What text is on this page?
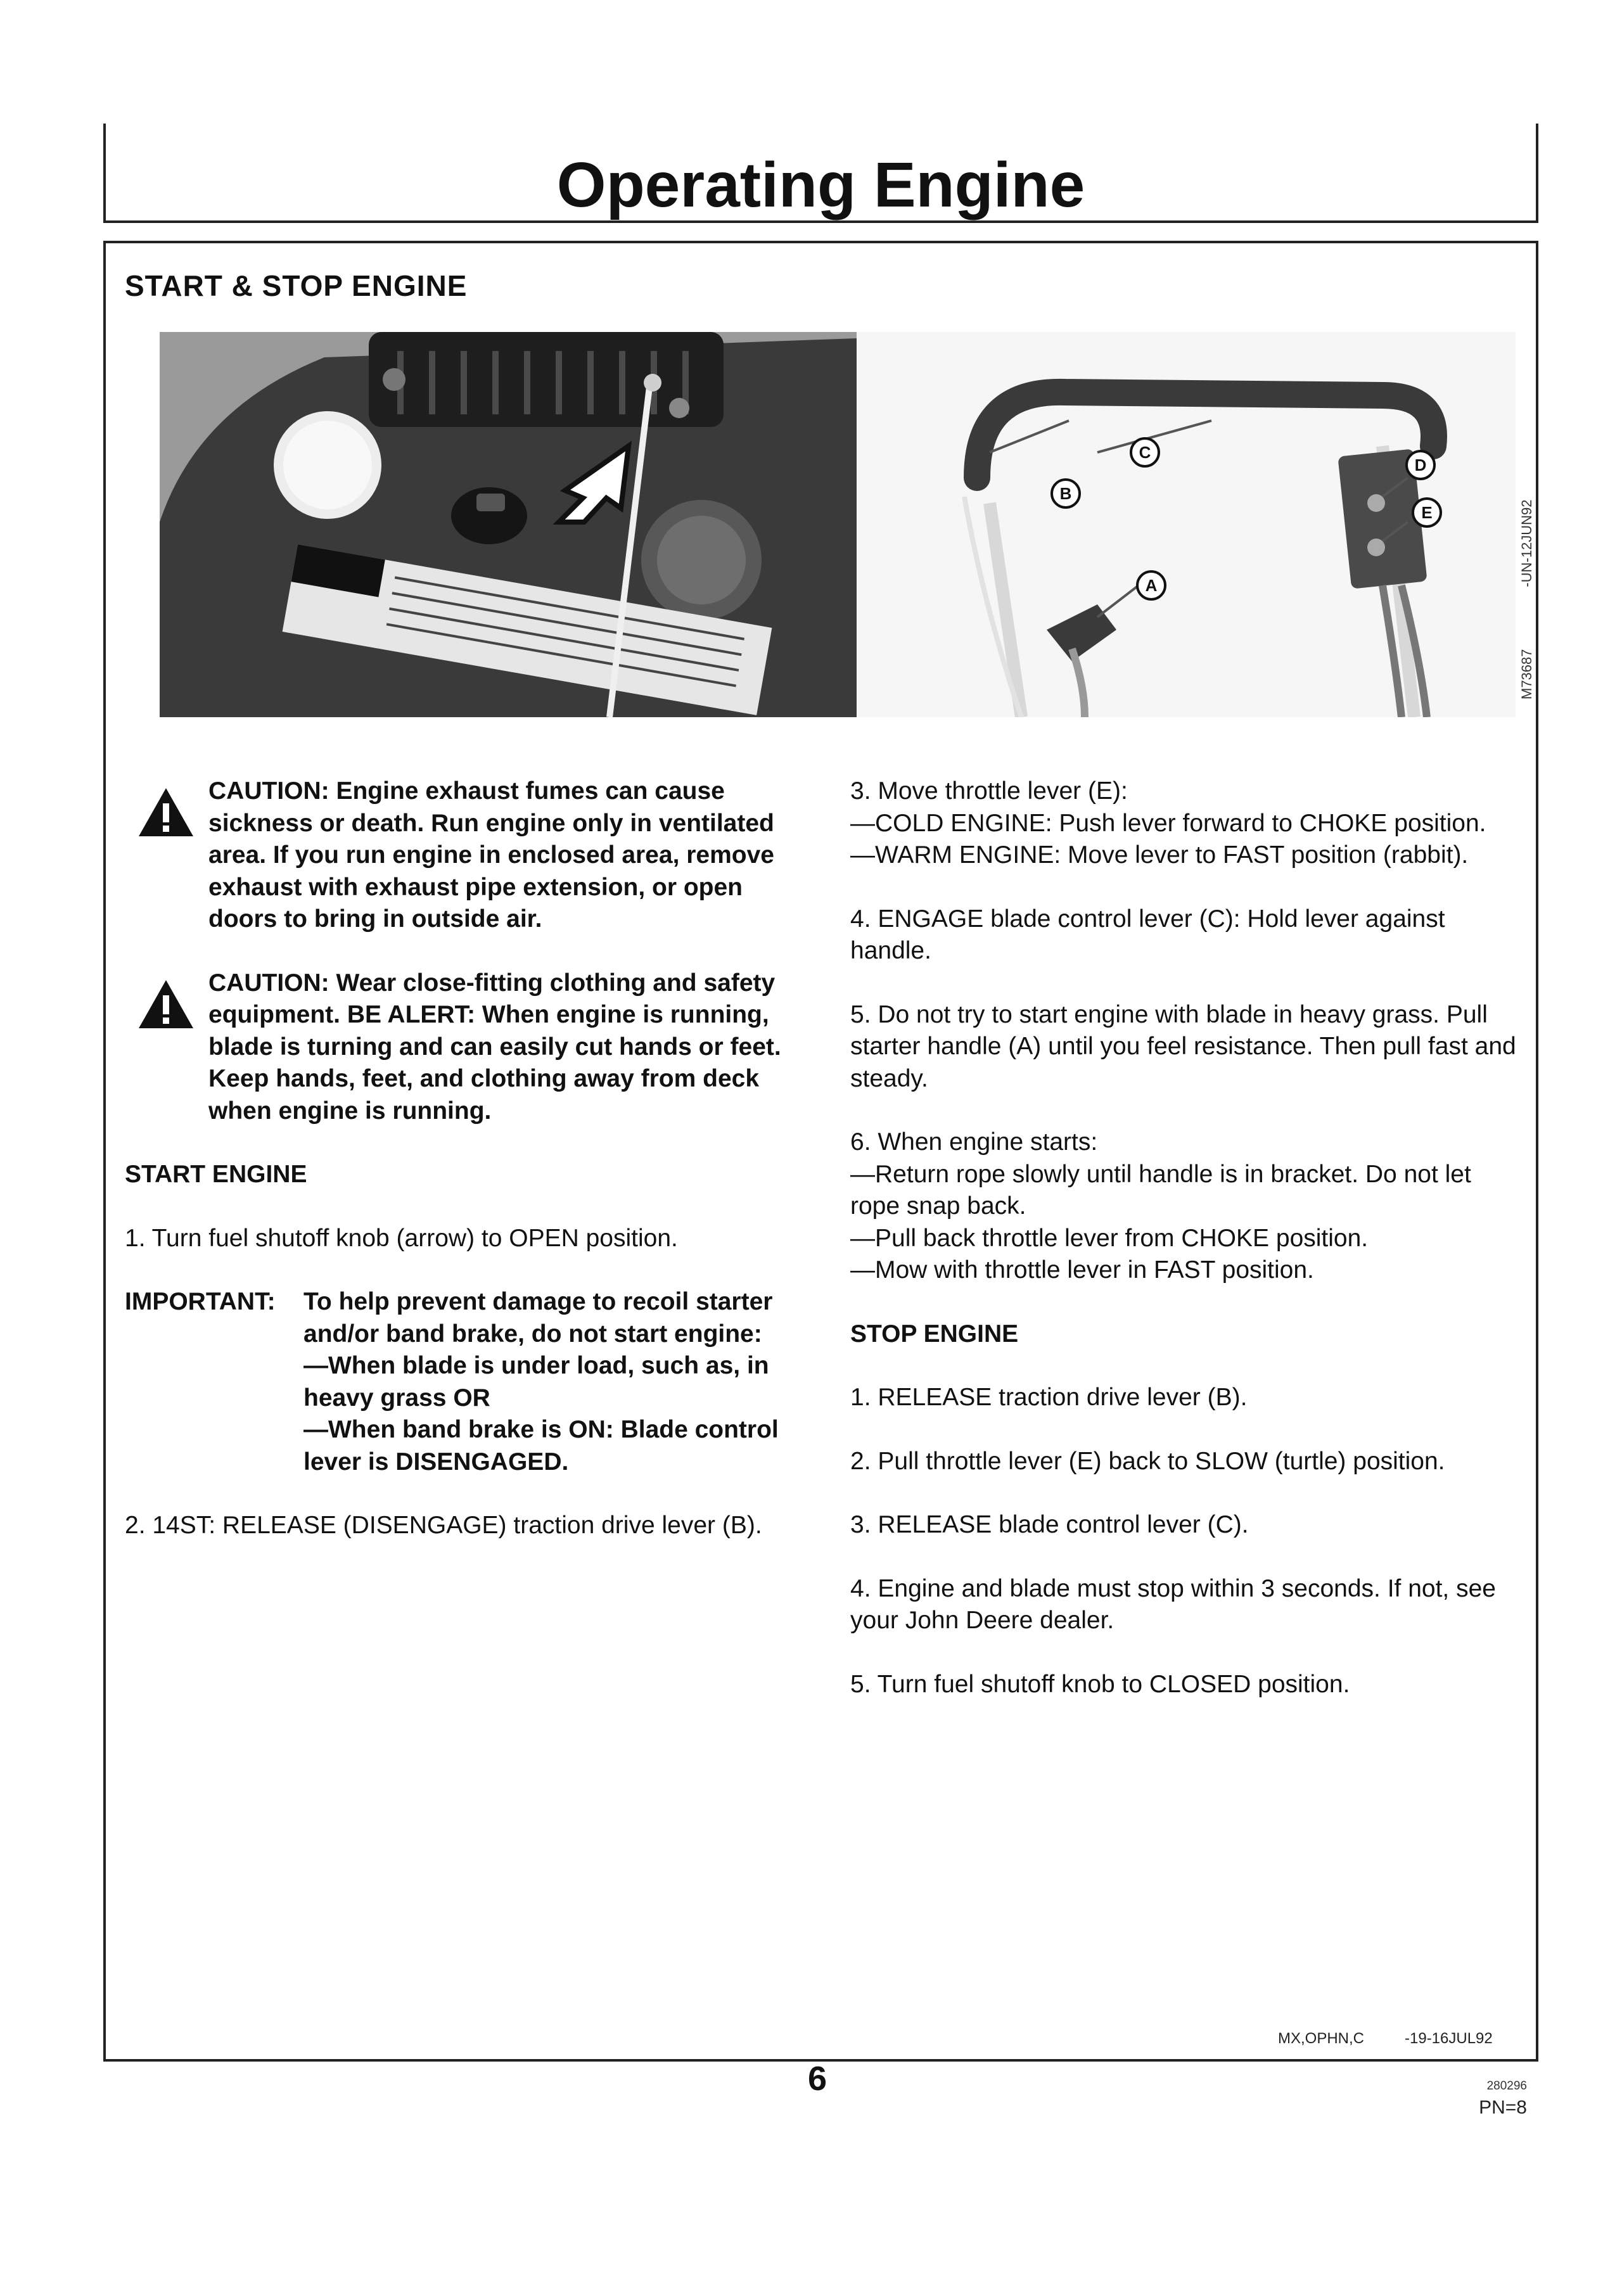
Operating Engine
START & STOP ENGINE

B
C
D
E
A
M73687                -UN-12JUN92
CAUTION: Engine exhaust fumes can cause sickness or death. Run engine only in ventilated area. If you run engine in enclosed area, remove exhaust with exhaust pipe extension, or open doors to bring in outside air.
CAUTION: Wear close-fitting clothing and safety equipment. BE ALERT: When engine is running, blade is turning and can easily cut hands or feet. Keep hands, feet, and clothing away from deck when engine is running.

START ENGINE

1. Turn fuel shutoff knob (arrow) to OPEN position.

IMPORTANT: To help prevent damage to recoil starter and/or band brake, do not start engine:
—When blade is under load, such as, in heavy grass OR
—When band brake is ON: Blade control lever is DISENGAGED.

2. 14ST: RELEASE (DISENGAGE) traction drive lever (B).

3. Move throttle lever (E):
—COLD ENGINE: Push lever forward to CHOKE position.
—WARM ENGINE: Move lever to FAST position (rabbit).

4. ENGAGE blade control lever (C): Hold lever against handle.

5. Do not try to start engine with blade in heavy grass. Pull starter handle (A) until you feel resistance. Then pull fast and steady.

6. When engine starts:
—Return rope slowly until handle is in bracket. Do not let rope snap back.
—Pull back throttle lever from CHOKE position.
—Mow with throttle lever in FAST position.

STOP ENGINE

1. RELEASE traction drive lever (B).

2. Pull throttle lever (E) back to SLOW (turtle) position.

3. RELEASE blade control lever (C).

4. Engine and blade must stop within 3 seconds. If not, see your John Deere dealer.

5. Turn fuel shutoff knob to CLOSED position.

MX,OPHN,C	-19-16JUL92
6	280296
PN=8
